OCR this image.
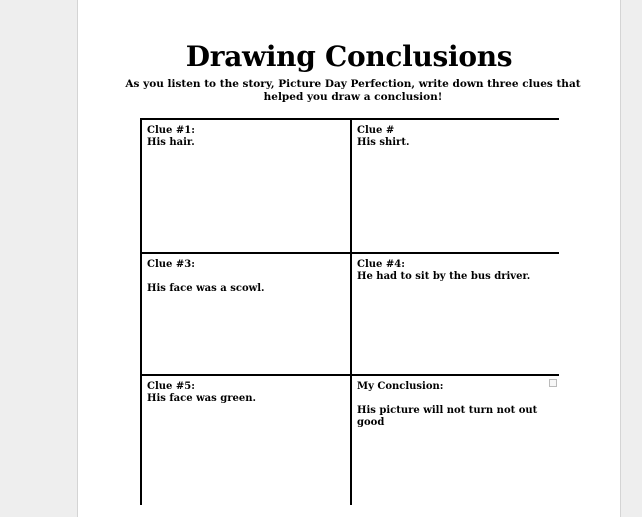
Drawing Conclusions
As you listen to the story, Picture Day Perfection, write down three clues that helped you draw a conclusion!
Clue #1:
His hair.
Clue #
His shirt.
Clue #3:
His face was a scowl.
Clue #4:
He had to sit by the bus driver.
Clue #5:
His face was green.
My Conclusion:
His picture will not turn not out good
